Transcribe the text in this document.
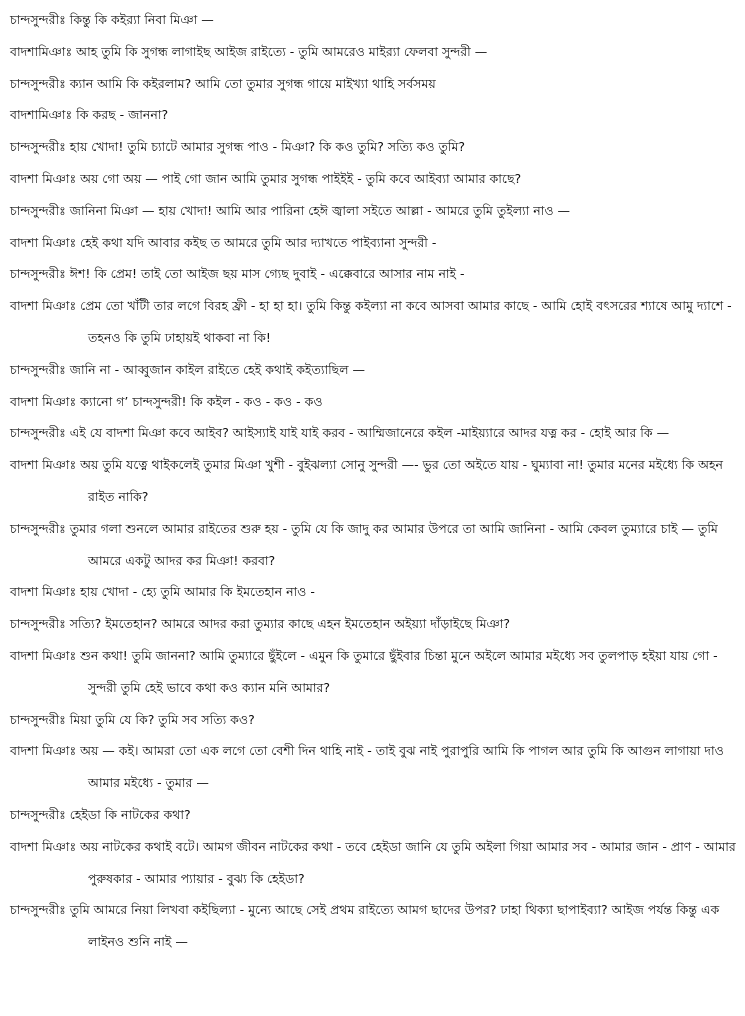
চান্দসুন্দরীঃ কিন্তু কি কইর‍্যা নিবা মিঞা —

বাদশামিঞাঃ আহ তুমি কি সুগন্ধ লাগাইছ আইজ রাইত্যে - তুমি আমরেও মাইর‍্যা ফেলবা সুন্দরী —

চান্দসুন্দরীঃ ক্যান আমি কি কইরলাম? আমি তো তুমার সুগন্ধ গায়ে মাইখ্যা থাহি সর্বসময়

বাদশামিঞাঃ কি করছ - জাননা?

চান্দসুন্দরীঃ হায় খোদা! তুমি চ্যাটে আমার সুগন্ধ পাও - মিঞা? কি কও তুমি? সত্যি কও তুমি?

বাদশা মিঞাঃ অয় গো অয় — পাই গো জান আমি তুমার সুগন্ধ পাইইই - তুমি কবে আইব্যা আমার কাছে?

চান্দসুন্দরীঃ জানিনা মিঞা — হায় খোদা! আমি আর পারিনা হেঈ জ্বালা সইতে আল্লা - আমরে তুমি তুইল্যা নাও —

বাদশা মিঞাঃ হেই কথা যদি আবার কইছ ত আমরে তুমি আর দ্যাখতে পাইব্যানা সুন্দরী -

চান্দসুন্দরীঃ ঈশ! কি প্রেম! তাই তো আইজ ছয় মাস গ্যেছ দুবাই - এক্কেবারে আসার নাম নাই -

বাদশা মিঞাঃ প্রেম তো খাঁটী তার লগে বিরহ ফ্রী - হা হা হা। তুমি কিন্তু কইল্যা না কবে আসবা আমার কাছে - আমি হোই বৎসরের শ্যাষে আমু দ্যাশে - তহনও কি তুমি ঢাহায়ই থাকবা না কি!

চান্দসুন্দরীঃ জানি না - আব্বুজান কাইল রাইতে হেই কথাই কইত্যাছিল —

বাদশা মিঞাঃ ক্যানো গ’ চান্দসুন্দরী! কি কইল - কও - কও - কও

চান্দসুন্দরীঃ এই যে বাদশা মিঞা কবে আইব? আইস্যাই যাই যাই করব - আম্মিজানেরে কইল -মাইয়্যারে আদর যত্ন কর - হোই আর কি —

বাদশা মিঞাঃ অয় তুমি যত্নে থাইকলেই তুমার মিঞা খুশী - বুইঝল্যা সোনু সুন্দরী —- ভুর তো অইতে যায় - ঘুম্যাবা না! তুমার মনের মইধ্যে কি অহন রাইত নাকি?

চান্দসুন্দরীঃ তুমার গলা শুনলে আমার রাইতের শুরু হয় - তুমি যে কি জাদু কর আমার উপরে তা আমি জানিনা - আমি কেবল তুম্যারে চাই — তুমি আমরে একটু আদর কর মিঞা! করবা?

বাদশা মিঞাঃ হায় খোদা - হ্যে তুমি আমার কি ইমতেহান নাও -

চান্দসুন্দরীঃ সত্যি? ইমতেহান? আমরে আদর করা তুম্যার কাছে এহন ইমতেহান অইয়্যা দাঁড়াইছে মিঞা?

বাদশা মিঞাঃ শুন কথা! তুমি জাননা? আমি তুম্যারে ছুঁইলে - এমুন কি তুমারে ছুঁইবার চিন্তা মুনে অইলে আমার মইধ্যে সব তুলপাড় হইয়া যায় গো - সুন্দরী তুমি হেই ভাবে কথা কও ক্যান মনি আমার?

চান্দসুন্দরীঃ মিয়া তুমি যে কি? তুমি সব সত্যি কও?

বাদশা মিঞাঃ অয় — কই। আমরা তো এক লগে তো বেশী দিন থাহি নাই - তাই বুঝ নাই পুরাপুরি আমি কি পাগল আর তুমি কি আগুন লাগায়া দাও আমার মইধ্যে - তুমার —

চান্দসুন্দরীঃ হেইডা কি নাটকের কথা?

বাদশা মিঞাঃ অয় নাটকের কথাই বটে। আমগ জীবন নাটকের কথা - তবে হেইডা জানি যে তুমি অইলা গিয়া আমার সব - আমার জান - প্রাণ - আমার পুরুষকার - আমার প্যায়ার - বুঝ্য কি হেইডা?

চান্দসুন্দরীঃ তুমি আমরে নিয়া লিখবা কইছিল্যা - মুন্যে আছে সেই প্রথম রাইত্যে আমগ ছাদের উপর? ঢাহা থিক্যা ছাপাইব্যা? আইজ পর্যন্ত কিন্তু এক লাইনও শুনি নাই —
